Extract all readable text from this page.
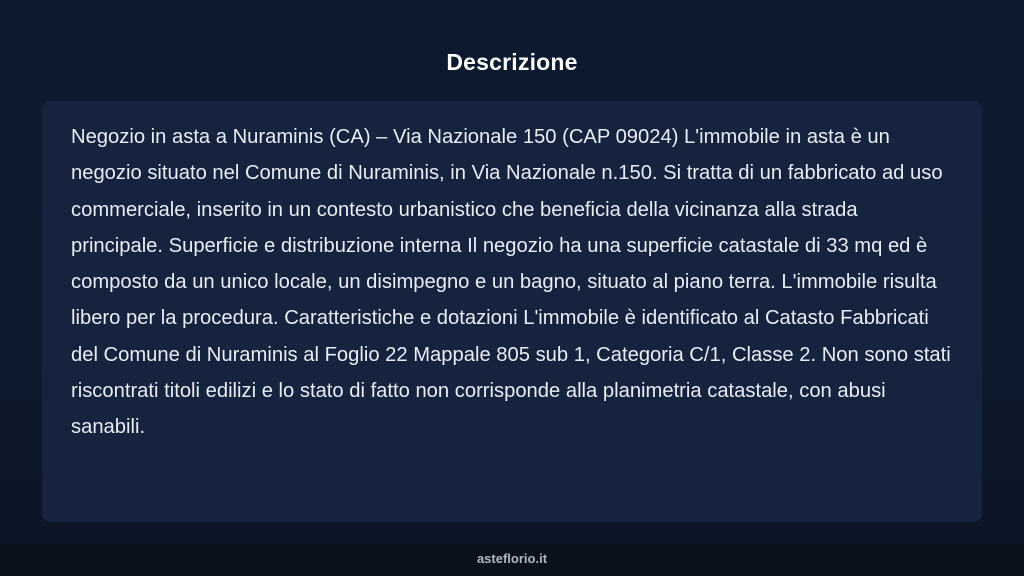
Descrizione

Negozio in asta a Nuraminis (CA) – Via Nazionale 150 (CAP 09024) L'immobile in asta è un negozio situato nel Comune di Nuraminis, in Via Nazionale n.150. Si tratta di un fabbricato ad uso commerciale, inserito in un contesto urbanistico che beneficia della vicinanza alla strada principale. Superficie e distribuzione interna Il negozio ha una superficie catastale di 33 mq ed è composto da un unico locale, un disimpegno e un bagno, situato al piano terra. L'immobile risulta libero per la procedura. Caratteristiche e dotazioni L'immobile è identificato al Catasto Fabbricati del Comune di Nuraminis al Foglio 22 Mappale 805 sub 1, Categoria C/1, Classe 2. Non sono stati riscontrati titoli edilizi e lo stato di fatto non corrisponde alla planimetria catastale, con abusi sanabili.

asteflorio.it
